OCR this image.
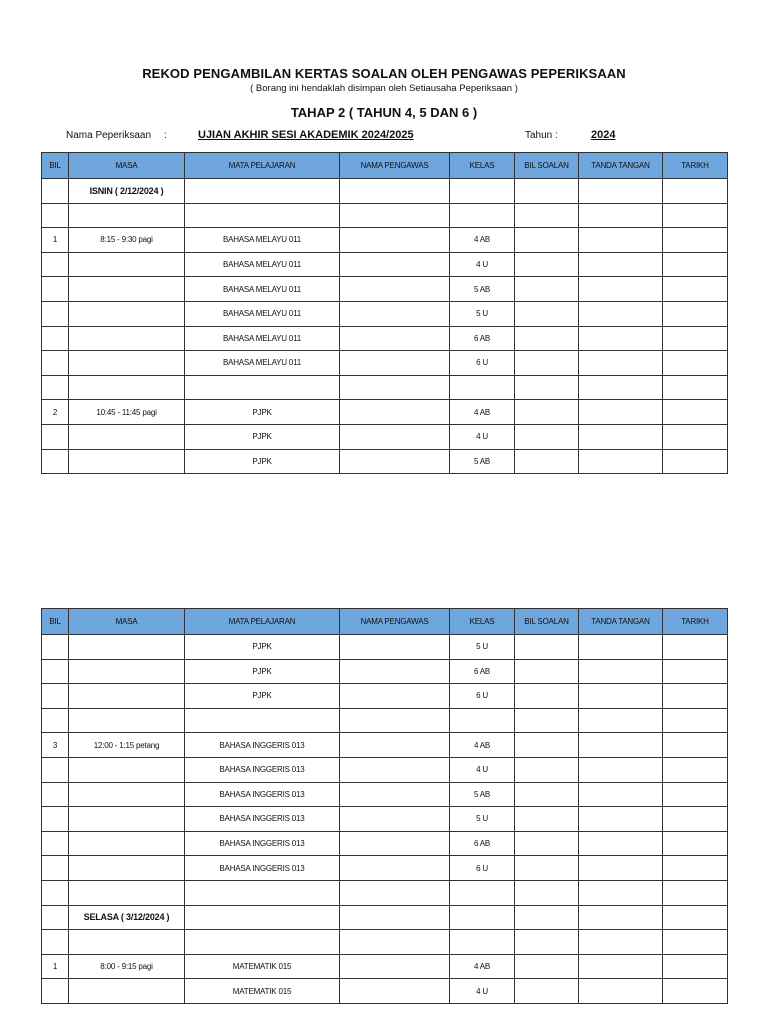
REKOD PENGAMBILAN KERTAS SOALAN OLEH PENGAWAS PEPERIKSAAN
( Borang ini hendaklah disimpan oleh Setiausaha Peperiksaan )
TAHAP 2 ( TAHUN 4, 5 DAN 6 )
Nama Peperiksaan :	UJIAN AKHIR SESI AKADEMIK 2024/2025	Tahun :	2024
BIL	MASA	MATA PELAJARAN	NAMA PENGAWAS	KELAS	BIL SOALAN	TANDA TANGAN	TARIKH
	ISNIN ( 2/12/2024 )						

1	8:15 - 9:30 pagi	BAHASA MELAYU 011		4 AB			
		BAHASA MELAYU 011		4 U			
		BAHASA MELAYU 011		5 AB			
		BAHASA MELAYU 011		5 U			
		BAHASA MELAYU 011		6 AB			
		BAHASA MELAYU 011		6 U			

2	10:45 - 11:45 pagi	PJPK		4 AB			
		PJPK		4 U			
		PJPK		5 AB			
BIL	MASA	MATA PELAJARAN	NAMA PENGAWAS	KELAS	BIL SOALAN	TANDA TANGAN	TARIKH
		PJPK		5 U			
		PJPK		6 AB			
		PJPK		6 U			

3	12:00 - 1:15 petang	BAHASA INGGERIS 013		4 AB			
		BAHASA INGGERIS 013		4 U			
		BAHASA INGGERIS 013		5 AB			
		BAHASA INGGERIS 013		5 U			
		BAHASA INGGERIS 013		6 AB			
		BAHASA INGGERIS 013		6 U			

	SELASA ( 3/12/2024 )						

1	8:00 - 9:15 pagi	MATEMATIK 015		4 AB			
		MATEMATIK 015		4 U			
